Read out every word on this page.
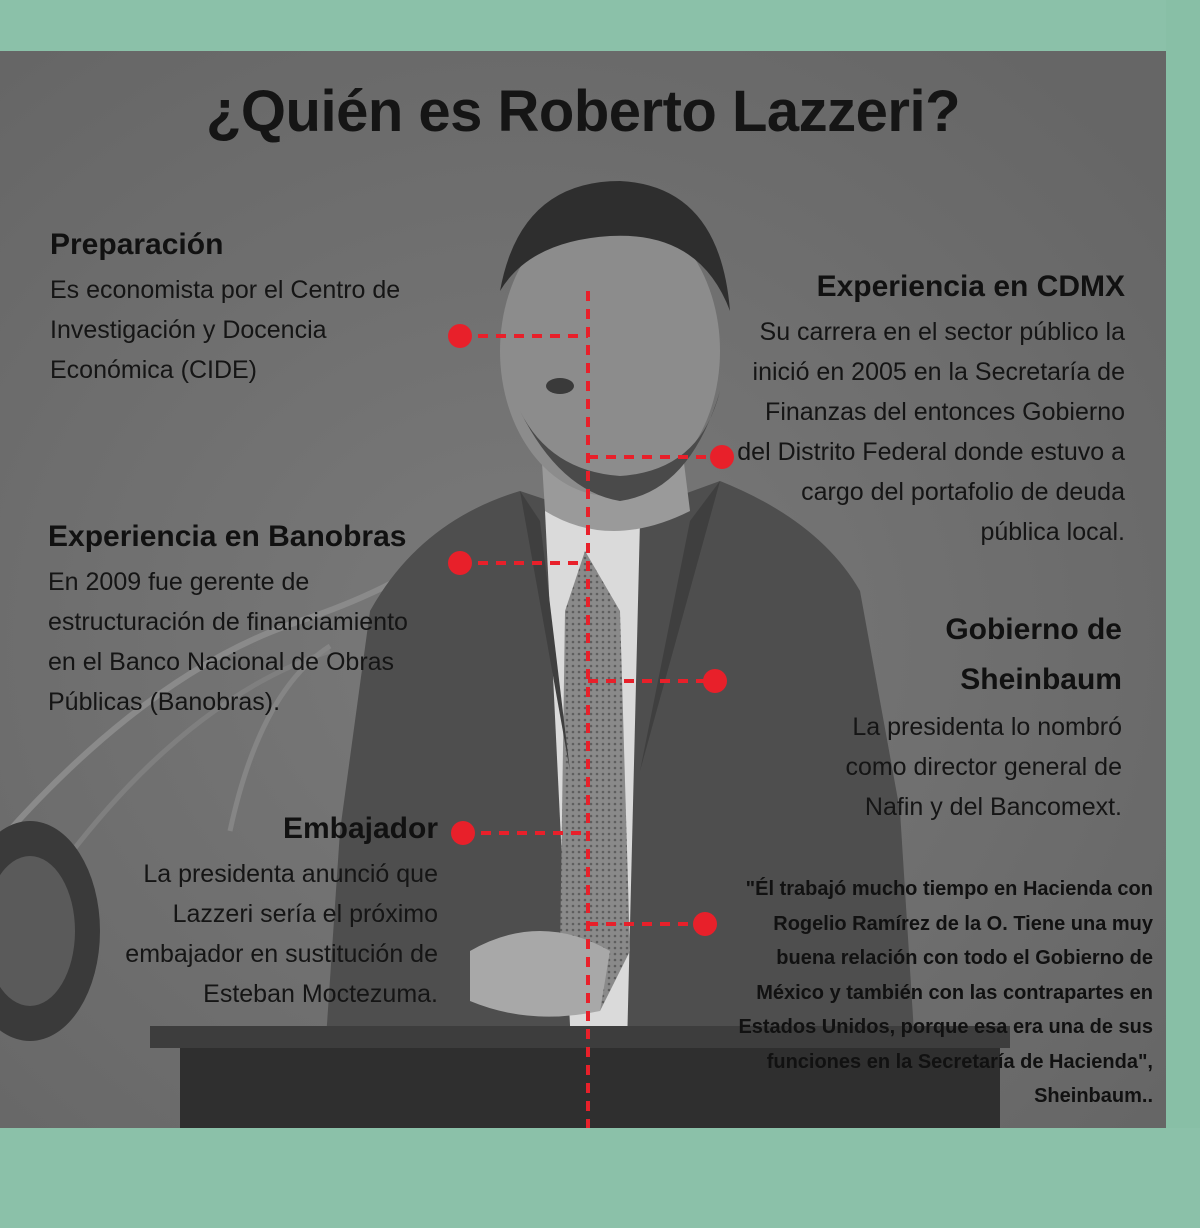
¿Quién es Roberto Lazzeri?
Preparación
Es economista por el Centro de
Investigación y Docencia
Económica (CIDE)
Experiencia en CDMX
Su carrera en el sector público la
inició en 2005 en la Secretaría de
Finanzas del entonces Gobierno
del Distrito Federal donde estuvo a
cargo del portafolio de deuda
pública local.
Experiencia en Banobras
En 2009 fue gerente de
estructuración de financiamiento
en el Banco Nacional de Obras
Públicas (Banobras).
Gobierno de
Sheinbaum
La presidenta lo nombró
como director general de
Nafin y del Bancomext.
Embajador
La presidenta anunció que
Lazzeri sería el próximo
embajador en sustitución de
Esteban Moctezuma.
"Él trabajó mucho tiempo en Hacienda con
Rogelio Ramírez de la O. Tiene una muy
buena relación con todo el Gobierno de
México y también con las contrapartes en
Estados Unidos, porque esa era una de sus
funciones en la Secretaría de Hacienda",
Sheinbaum..
